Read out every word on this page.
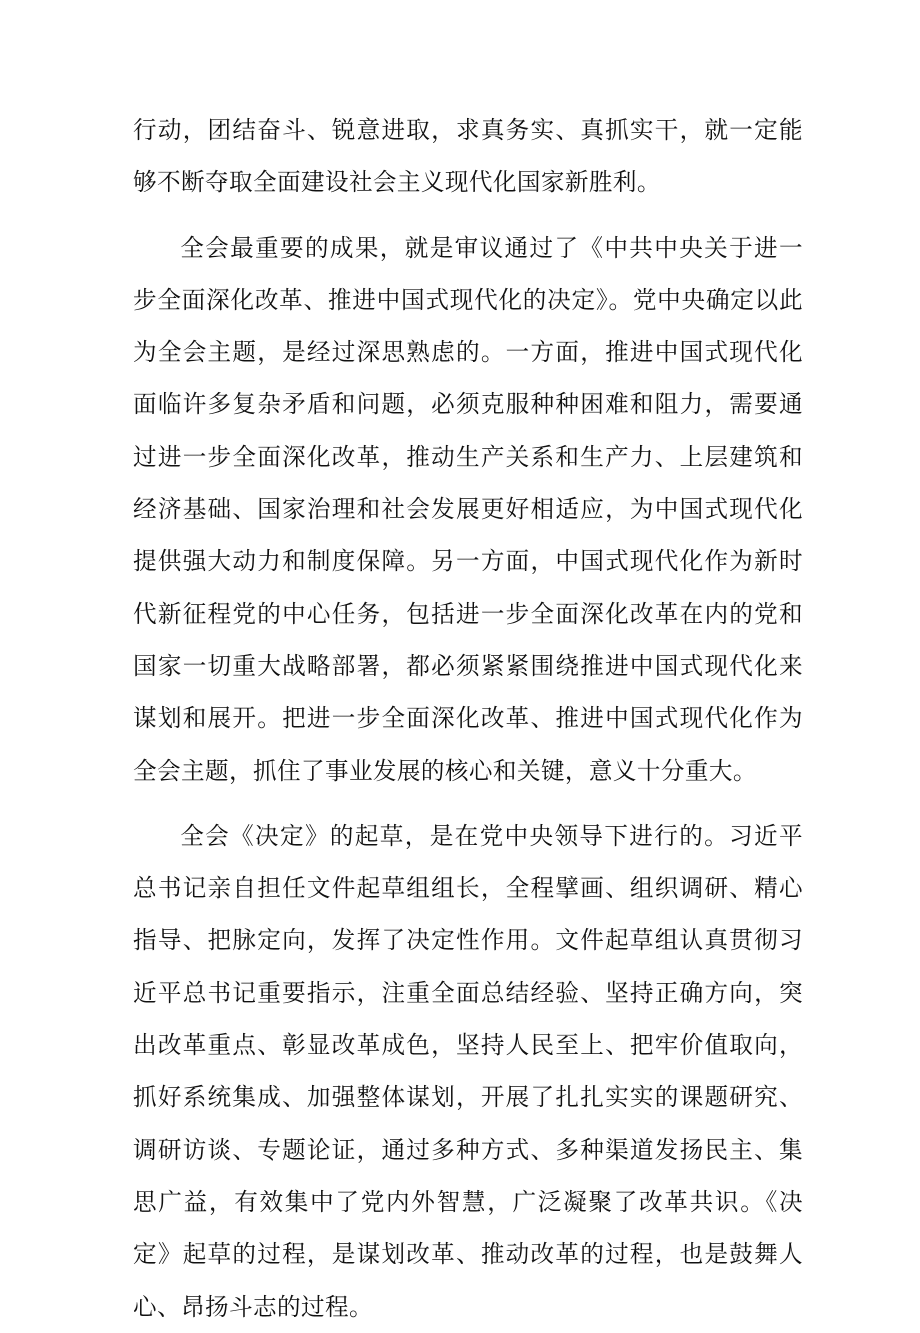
行动，团结奋斗、锐意进取，求真务实、真抓实干，就一定能够不断夺取全面建设社会主义现代化国家新胜利。

全会最重要的成果，就是审议通过了《中共中央关于进一步全面深化改革、推进中国式现代化的决定》。党中央确定以此为全会主题，是经过深思熟虑的。一方面，推进中国式现代化面临许多复杂矛盾和问题，必须克服种种困难和阻力，需要通过进一步全面深化改革，推动生产关系和生产力、上层建筑和经济基础、国家治理和社会发展更好相适应，为中国式现代化提供强大动力和制度保障。另一方面，中国式现代化作为新时代新征程党的中心任务，包括进一步全面深化改革在内的党和国家一切重大战略部署，都必须紧紧围绕推进中国式现代化来谋划和展开。把进一步全面深化改革、推进中国式现代化作为全会主题，抓住了事业发展的核心和关键，意义十分重大。

全会《决定》的起草，是在党中央领导下进行的。习近平总书记亲自担任文件起草组组长，全程擘画、组织调研、精心指导、把脉定向，发挥了决定性作用。文件起草组认真贯彻习近平总书记重要指示，注重全面总结经验、坚持正确方向，突出改革重点、彰显改革成色，坚持人民至上、把牢价值取向，抓好系统集成、加强整体谋划，开展了扎扎实实的课题研究、调研访谈、专题论证，通过多种方式、多种渠道发扬民主、集思广益，有效集中了党内外智慧，广泛凝聚了改革共识。《决定》起草的过程，是谋划改革、推动改革的过程，也是鼓舞人心、昂扬斗志的过程。
